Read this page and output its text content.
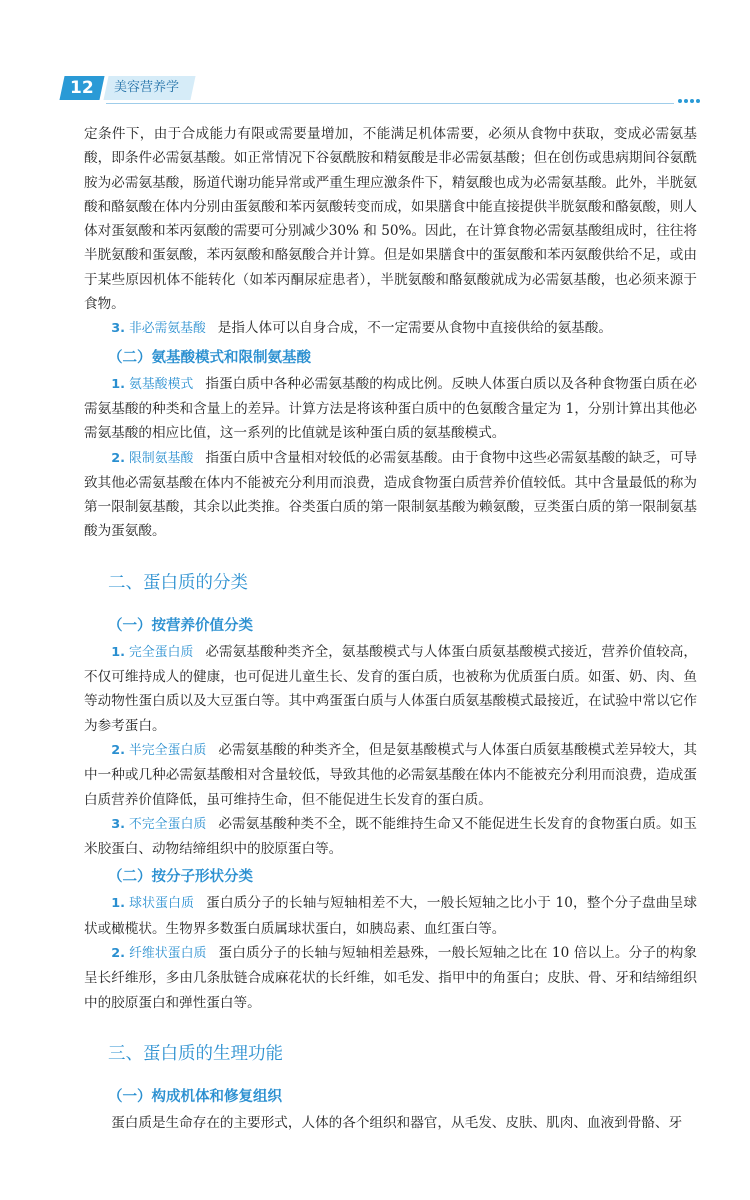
12	美容营养学

定条件下，由于合成能力有限或需要量增加，不能满足机体需要，必须从食物中获取，变成必需氨基酸，即条件必需氨基酸。如正常情况下谷氨酰胺和精氨酸是非必需氨基酸；但在创伤或患病期间谷氨酰胺为必需氨基酸，肠道代谢功能异常或严重生理应激条件下，精氨酸也成为必需氨基酸。此外，半胱氨酸和酪氨酸在体内分别由蛋氨酸和苯丙氨酸转变而成，如果膳食中能直接提供半胱氨酸和酪氨酸，则人体对蛋氨酸和苯丙氨酸的需要可分别减少30% 和 50%。因此，在计算食物必需氨基酸组成时，往往将半胱氨酸和蛋氨酸，苯丙氨酸和酪氨酸合并计算。但是如果膳食中的蛋氨酸和苯丙氨酸供给不足，或由于某些原因机体不能转化（如苯丙酮尿症患者），半胱氨酸和酪氨酸就成为必需氨基酸，也必须来源于食物。

3. 非必需氨基酸 是指人体可以自身合成，不一定需要从食物中直接供给的氨基酸。

（二）氨基酸模式和限制氨基酸

1. 氨基酸模式 指蛋白质中各种必需氨基酸的构成比例。反映人体蛋白质以及各种食物蛋白质在必需氨基酸的种类和含量上的差异。计算方法是将该种蛋白质中的色氨酸含量定为 1，分别计算出其他必需氨基酸的相应比值，这一系列的比值就是该种蛋白质的氨基酸模式。

2. 限制氨基酸 指蛋白质中含量相对较低的必需氨基酸。由于食物中这些必需氨基酸的缺乏，可导致其他必需氨基酸在体内不能被充分利用而浪费，造成食物蛋白质营养价值较低。其中含量最低的称为第一限制氨基酸，其余以此类推。谷类蛋白质的第一限制氨基酸为赖氨酸，豆类蛋白质的第一限制氨基酸为蛋氨酸。

二、蛋白质的分类
（一）按营养价值分类

1. 完全蛋白质 必需氨基酸种类齐全，氨基酸模式与人体蛋白质氨基酸模式接近，营养价值较高，不仅可维持成人的健康，也可促进儿童生长、发育的蛋白质，也被称为优质蛋白质。如蛋、奶、肉、鱼等动物性蛋白质以及大豆蛋白等。其中鸡蛋蛋白质与人体蛋白质氨基酸模式最接近，在试验中常以它作为参考蛋白。

2. 半完全蛋白质 必需氨基酸的种类齐全，但是氨基酸模式与人体蛋白质氨基酸模式差异较大，其中一种或几种必需氨基酸相对含量较低，导致其他的必需氨基酸在体内不能被充分利用而浪费，造成蛋白质营养价值降低，虽可维持生命，但不能促进生长发育的蛋白质。

3. 不完全蛋白质 必需氨基酸种类不全，既不能维持生命又不能促进生长发育的食物蛋白质。如玉米胶蛋白、动物结缔组织中的胶原蛋白等。

（二）按分子形状分类

1. 球状蛋白质 蛋白质分子的长轴与短轴相差不大，一般长短轴之比小于 10，整个分子盘曲呈球状或橄榄状。生物界多数蛋白质属球状蛋白，如胰岛素、血红蛋白等。

2. 纤维状蛋白质 蛋白质分子的长轴与短轴相差悬殊，一般长短轴之比在 10 倍以上。分子的构象呈长纤维形，多由几条肽链合成麻花状的长纤维，如毛发、指甲中的角蛋白；皮肤、骨、牙和结缔组织中的胶原蛋白和弹性蛋白等。

三、蛋白质的生理功能
（一）构成机体和修复组织

蛋白质是生命存在的主要形式，人体的各个组织和器官，从毛发、皮肤、肌肉、血液到骨骼、牙
